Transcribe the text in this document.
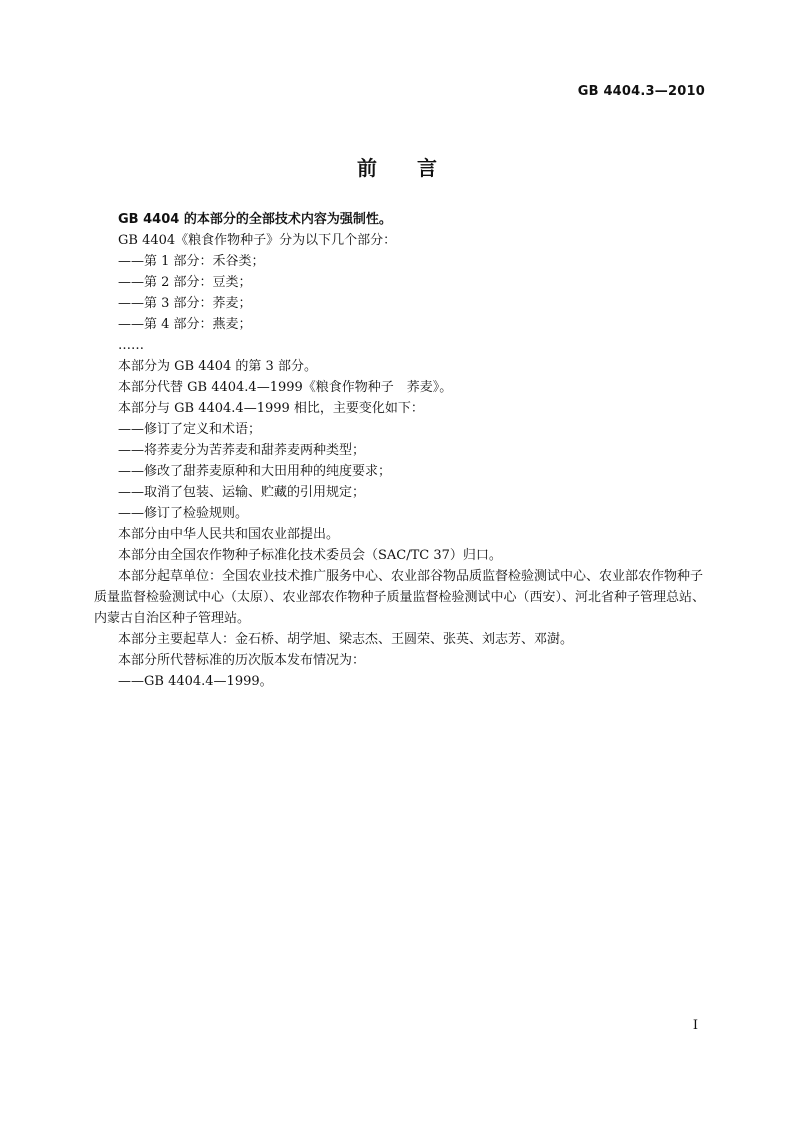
GB 4404.3—2010
前言

GB 4404 的本部分的全部技术内容为强制性。

GB 4404《粮食作物种子》分为以下几个部分：

——第 1 部分：禾谷类；

——第 2 部分：豆类；

——第 3 部分：荞麦；

——第 4 部分：燕麦；

……

本部分为 GB 4404 的第 3 部分。

本部分代替 GB 4404.4—1999《粮食作物种子　荞麦》。

本部分与 GB 4404.4—1999 相比，主要变化如下：

——修订了定义和术语；

——将荞麦分为苦荞麦和甜荞麦两种类型；

——修改了甜荞麦原种和大田用种的纯度要求；

——取消了包装、运输、贮藏的引用规定；

——修订了检验规则。

本部分由中华人民共和国农业部提出。

本部分由全国农作物种子标准化技术委员会（SAC/TC 37）归口。

本部分起草单位：全国农业技术推广服务中心、农业部谷物品质监督检验测试中心、农业部农作物种子质量监督检验测试中心（太原）、农业部农作物种子质量监督检验测试中心（西安）、河北省种子管理总站、内蒙古自治区种子管理站。

本部分主要起草人：金石桥、胡学旭、梁志杰、王圆荣、张英、刘志芳、邓澍。

本部分所代替标准的历次版本发布情况为：

——GB 4404.4—1999。

I
